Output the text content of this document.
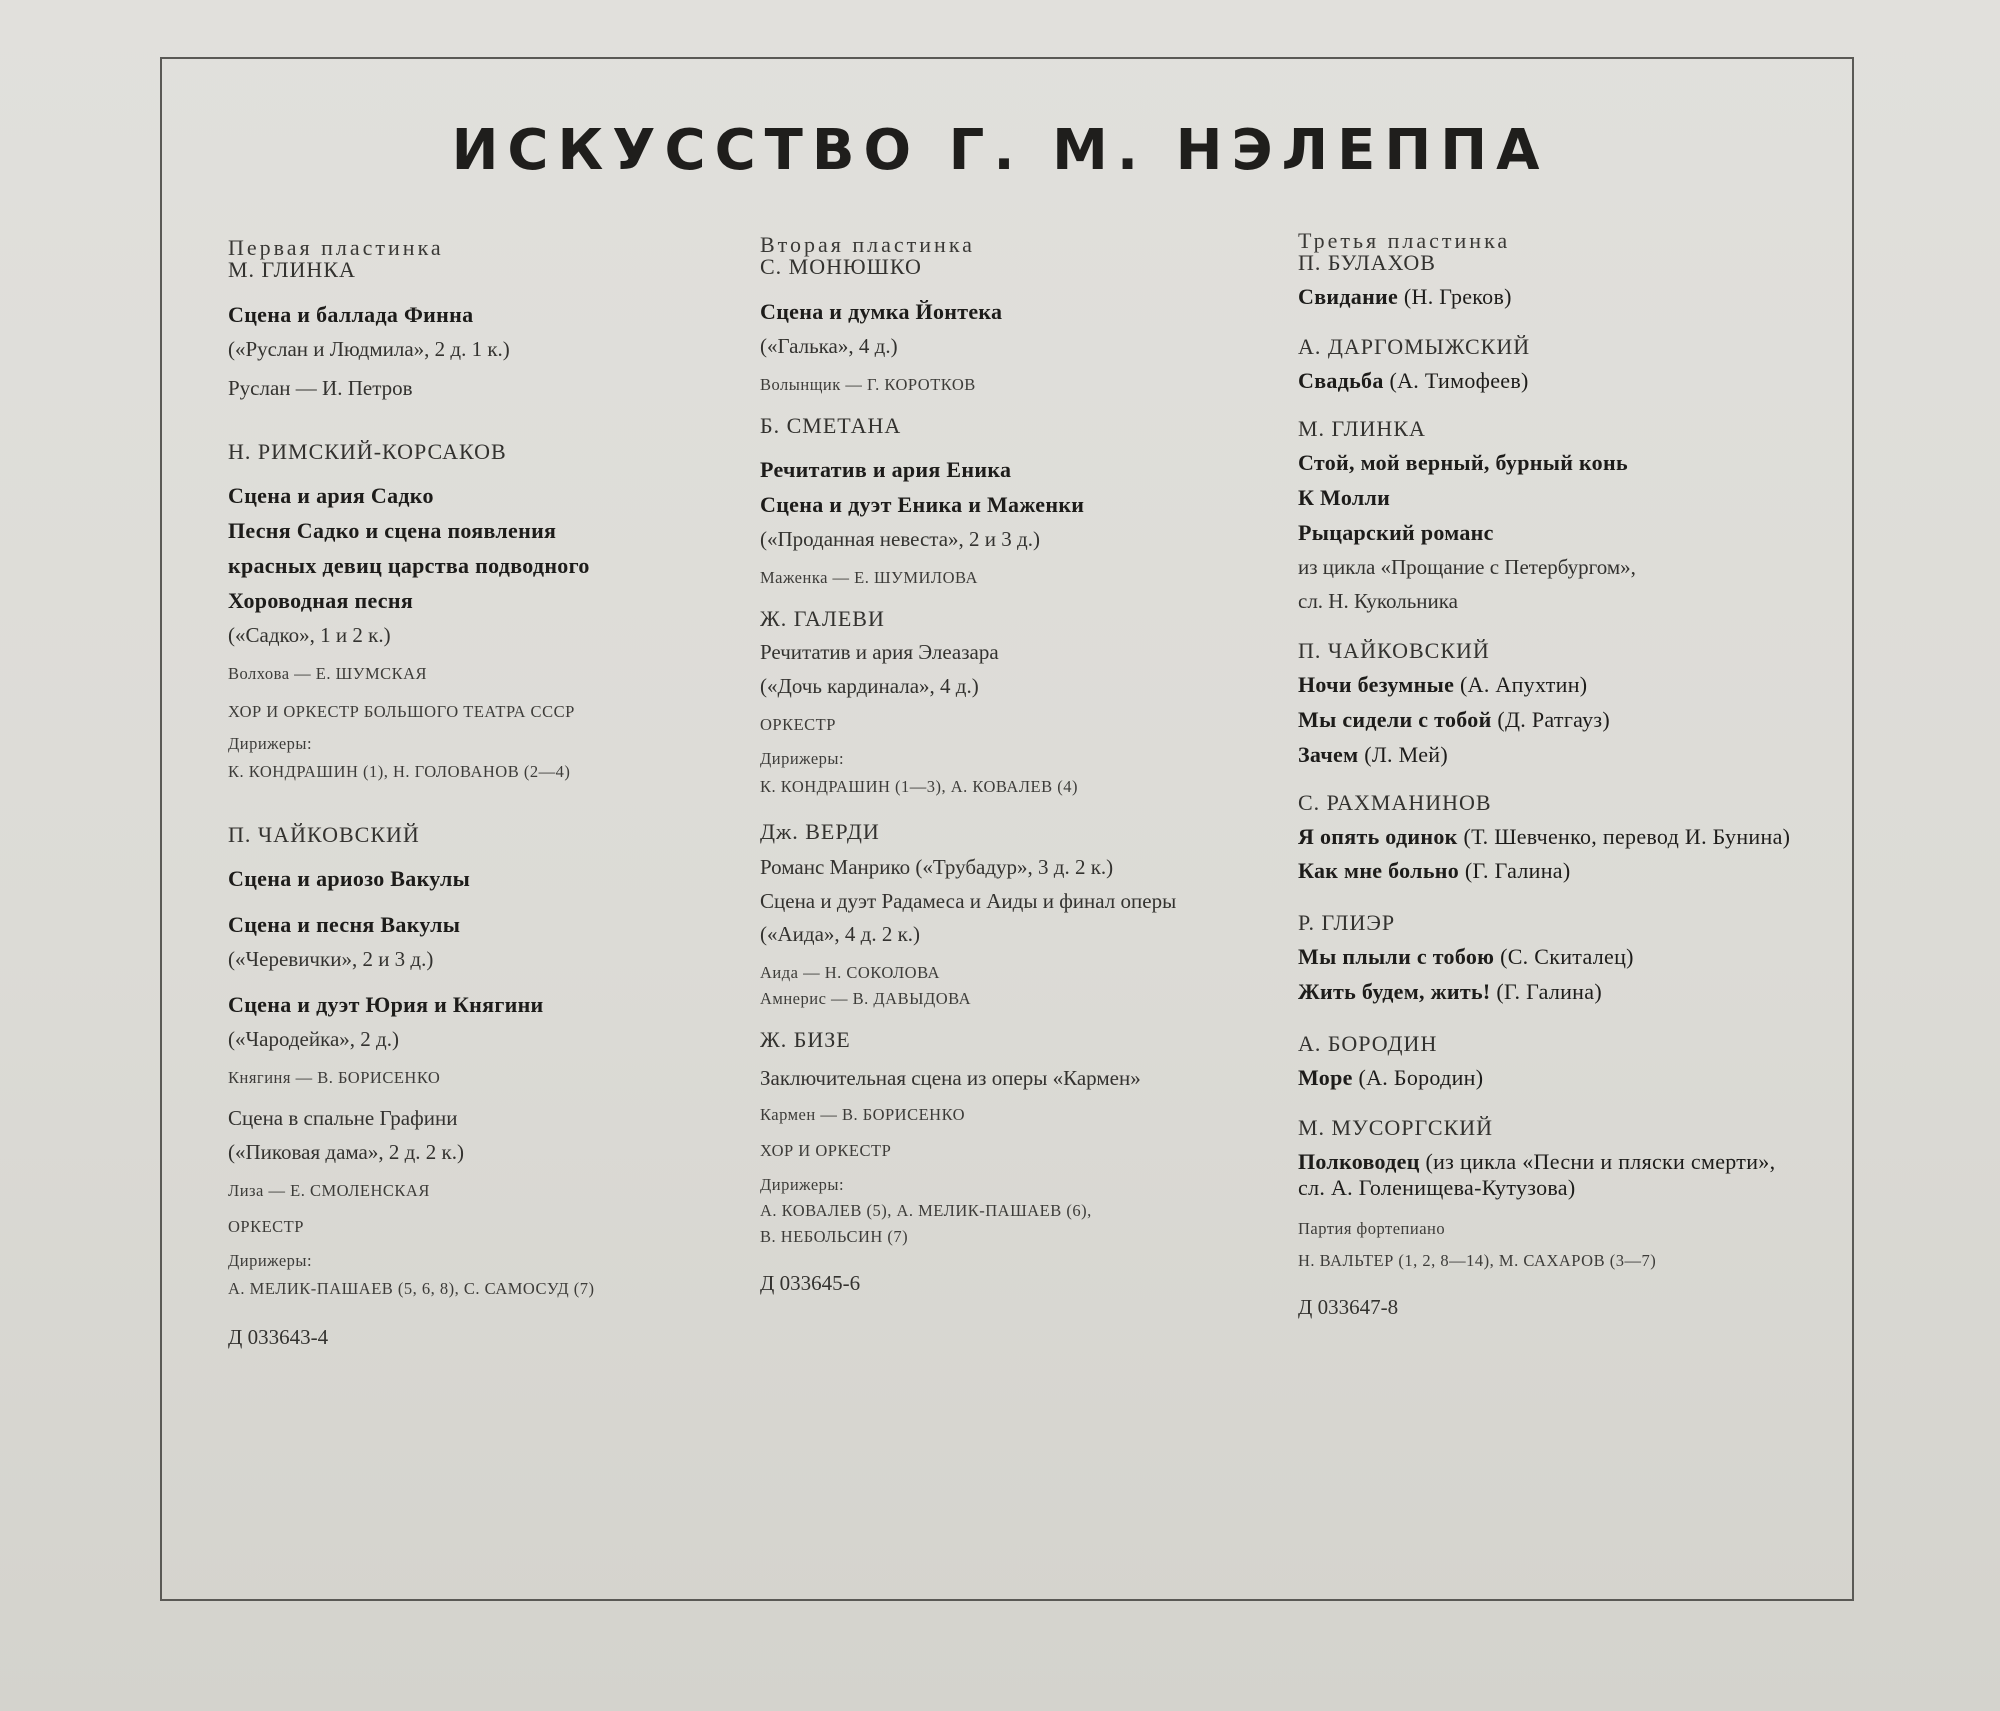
ИСКУССТВО Г. М. НЭЛЕППА

Первая пластинка

М. ГЛИНКА

Сцена и баллада Финна

(«Руслан и Людмила», 2 д. 1 к.)

Руслан — И. Петров

Н. РИМСКИЙ-КОРСАКОВ

Сцена и ария Садко

Песня Садко и сцена появления

красных девиц царства подводного

Хороводная песня

(«Садко», 1 и 2 к.)

Волхова — Е. ШУМСКАЯ

ХОР И ОРКЕСТР БОЛЬШОГО ТЕАТРА СССР

Дирижеры:

К. КОНДРАШИН (1), Н. ГОЛОВАНОВ (2—4)

П. ЧАЙКОВСКИЙ

Сцена и ариозо Вакулы

Сцена и песня Вакулы

(«Черевички», 2 и 3 д.)

Сцена и дуэт Юрия и Княгини

(«Чародейка», 2 д.)

Княгиня — В. БОРИСЕНКО

Сцена в спальне Графини

(«Пиковая дама», 2 д. 2 к.)

Лиза — Е. СМОЛЕНСКАЯ

ОРКЕСТР

Дирижеры:

А. МЕЛИК-ПАШАЕВ (5, 6, 8), С. САМОСУД (7)

Д 033643-4

Вторая пластинка

С. МОНЮШКО

Сцена и думка Йонтека

(«Галька», 4 д.)

Волынщик — Г. КОРОТКОВ

Б. СМЕТАНА

Речитатив и ария Еника

Сцена и дуэт Еника и Маженки

(«Проданная невеста», 2 и 3 д.)

Маженка — Е. ШУМИЛОВА

Ж. ГАЛЕВИ

Речитатив и ария Элеазара

(«Дочь кардинала», 4 д.)

ОРКЕСТР

Дирижеры:

К. КОНДРАШИН (1—3), А. КОВАЛЕВ (4)

Дж. ВЕРДИ

Романс Манрико («Трубадур», 3 д. 2 к.)

Сцена и дуэт Радамеса и Аиды и финал оперы

(«Аида», 4 д. 2 к.)

Аида — Н. СОКОЛОВА

Амнерис — В. ДАВЫДОВА

Ж. БИЗЕ

Заключительная сцена из оперы «Кармен»

Кармен — В. БОРИСЕНКО

ХОР И ОРКЕСТР

Дирижеры:

А. КОВАЛЕВ (5), А. МЕЛИК-ПАШАЕВ (6),

В. НЕБОЛЬСИН (7)

Д 033645-6

Третья пластинка

П. БУЛАХОВ

Свидание (Н. Греков)

А. ДАРГОМЫЖСКИЙ

Свадьба (А. Тимофеев)

М. ГЛИНКА

Стой, мой верный, бурный конь

К Молли

Рыцарский романс

из цикла «Прощание с Петербургом»,

сл. Н. Кукольника

П. ЧАЙКОВСКИЙ

Ночи безумные (А. Апухтин)

Мы сидели с тобой (Д. Ратгауз)

Зачем (Л. Мей)

С. РАХМАНИНОВ

Я опять одинок (Т. Шевченко, перевод И. Бунина)

Как мне больно (Г. Галина)

Р. ГЛИЭР

Мы плыли с тобою (С. Скиталец)

Жить будем, жить! (Г. Галина)

А. БОРОДИН

Море (А. Бородин)

М. МУСОРГСКИЙ

Полководец (из цикла «Песни и пляски смерти», сл. А. Голенищева-Кутузова)

Партия фортепиано

Н. ВАЛЬТЕР (1, 2, 8—14), М. САХАРОВ (3—7)

Д 033647-8
